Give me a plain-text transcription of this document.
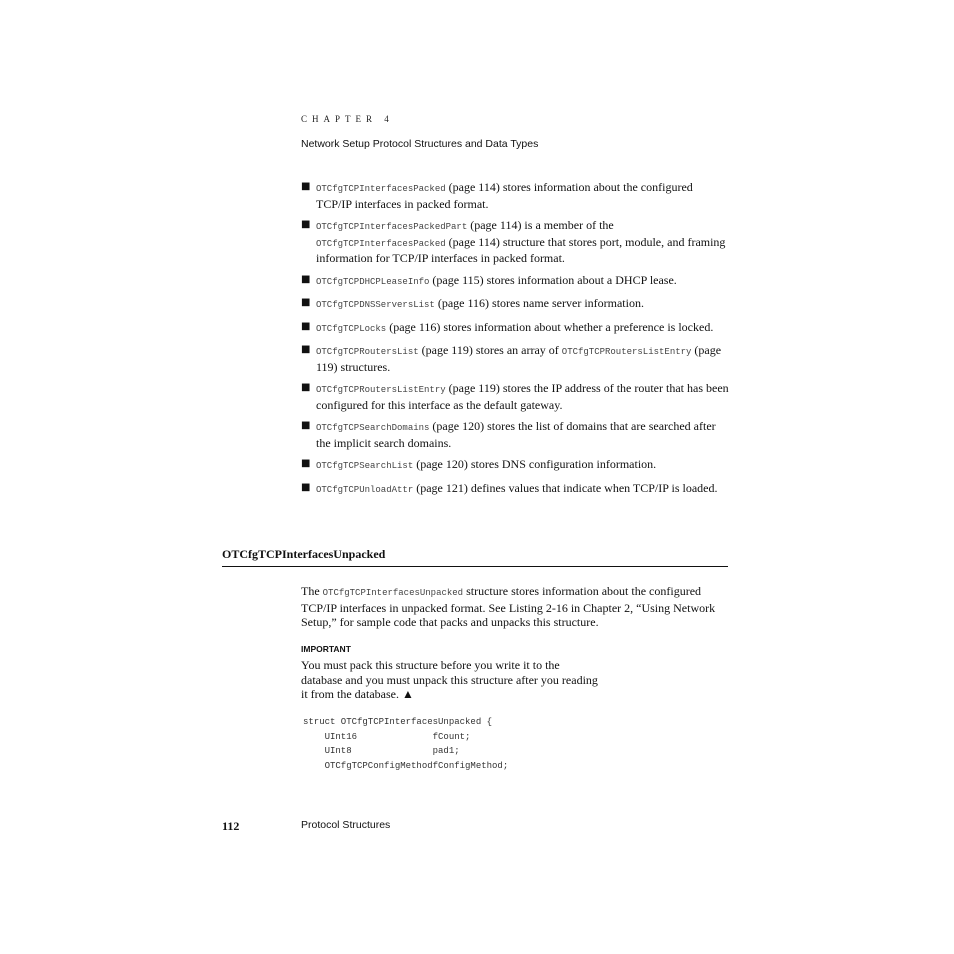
CHAPTER 4
Network Setup Protocol Structures and Data Types
■ OTCfgTCPInterfacesPacked (page 114) stores information about the configured TCP/IP interfaces in packed format.
■ OTCfgTCPInterfacesPackedPart (page 114) is a member of the
OTCfgTCPInterfacesPacked (page 114) structure that stores port, module, and framing information for TCP/IP interfaces in packed format.
■ OTCfgTCPDHCPLeaseInfo (page 115) stores information about a DHCP lease.
■ OTCfgTCPDNSServersList (page 116) stores name server information.
■ OTCfgTCPLocks (page 116) stores information about whether a preference is locked.
■ OTCfgTCPRoutersList (page 119) stores an array of OTCfgTCPRoutersListEntry (page 119) structures.
■ OTCfgTCPRoutersListEntry (page 119) stores the IP address of the router that has been configured for this interface as the default gateway.
■ OTCfgTCPSearchDomains (page 120) stores the list of domains that are searched after the implicit search domains.
■ OTCfgTCPSearchList (page 120) stores DNS configuration information.
■ OTCfgTCPUnloadAttr (page 121) defines values that indicate when TCP/IP is loaded.
OTCfgTCPInterfacesUnpacked
The OTCfgTCPInterfacesUnpacked structure stores information about the configured TCP/IP interfaces in unpacked format. See Listing 2-16 in Chapter 2, “Using Network Setup,” for sample code that packs and unpacks this structure.
IMPORTANT
You must pack this structure before you write it to the database and you must unpack this structure after you reading it from the database. ▲
struct OTCfgTCPInterfacesUnpacked {
UInt16              fCount;
UInt8               pad1;
OTCfgTCPConfigMethodfConfigMethod;
112	Protocol Structures
